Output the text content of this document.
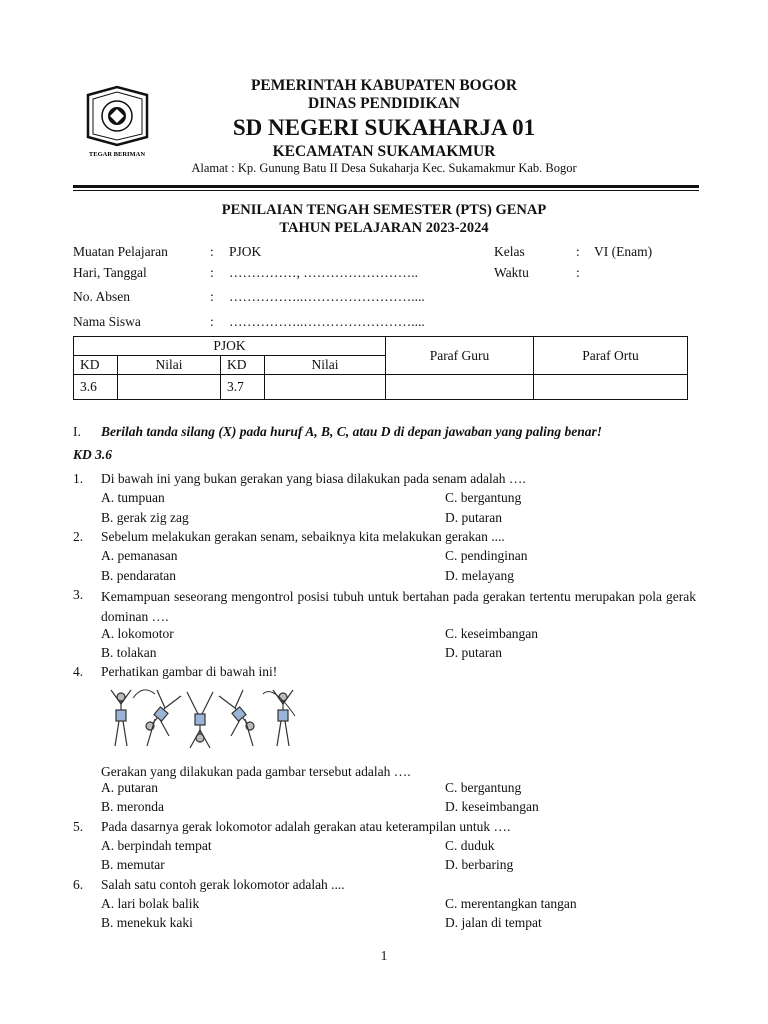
TEGAR BERIMAN
PEMERINTAH KABUPATEN BOGOR
DINAS PENDIDIKAN
SD NEGERI SUKAHARJA 01
KECAMATAN SUKAMAKMUR
Alamat : Kp. Gunung Batu II Desa Sukaharja Kec. Sukamakmur Kab. Bogor
PENILAIAN TENGAH SEMESTER (PTS) GENAP
TAHUN PELAJARAN 2023-2024
Muatan Pelajaran	: PJOK
Hari, Tanggal	: ……………, ……………………..
No. Absen	: ……………..……………………....
Nama Siswa	: ……………..……………………....
Kelas	: VI (Enam)
Waktu	:
PJOK				Paraf Guru	Paraf Ortu
KD	Nilai	KD	Nilai		
3.6		3.7			
I. Berilah tanda silang (X) pada huruf A, B, C, atau D di depan jawaban yang paling benar!
KD 3.6
1. Di bawah ini yang bukan gerakan yang biasa dilakukan pada senam adalah ….
A. tumpuan	C. bergantung
B. gerak zig zag	D. putaran
2. Sebelum melakukan gerakan senam, sebaiknya kita melakukan gerakan ....
A. pemanasan	C. pendinginan
B. pendaratan	D. melayang
3. Kemampuan seseorang mengontrol posisi tubuh untuk bertahan pada gerakan tertentu merupakan pola gerak dominan ….
A. lokomotor	C. keseimbangan
B. tolakan	D. putaran
4. Perhatikan gambar di bawah ini!
Gerakan yang dilakukan pada gambar tersebut adalah ….
A. putaran	C. bergantung
B. meronda	D. keseimbangan
5. Pada dasarnya gerak lokomotor adalah gerakan atau keterampilan untuk ….
A. berpindah tempat	C. duduk
B. memutar	D. berbaring
6. Salah satu contoh gerak lokomotor adalah ....
A. lari bolak balik	C. merentangkan tangan
B. menekuk kaki	D. jalan di tempat
1
